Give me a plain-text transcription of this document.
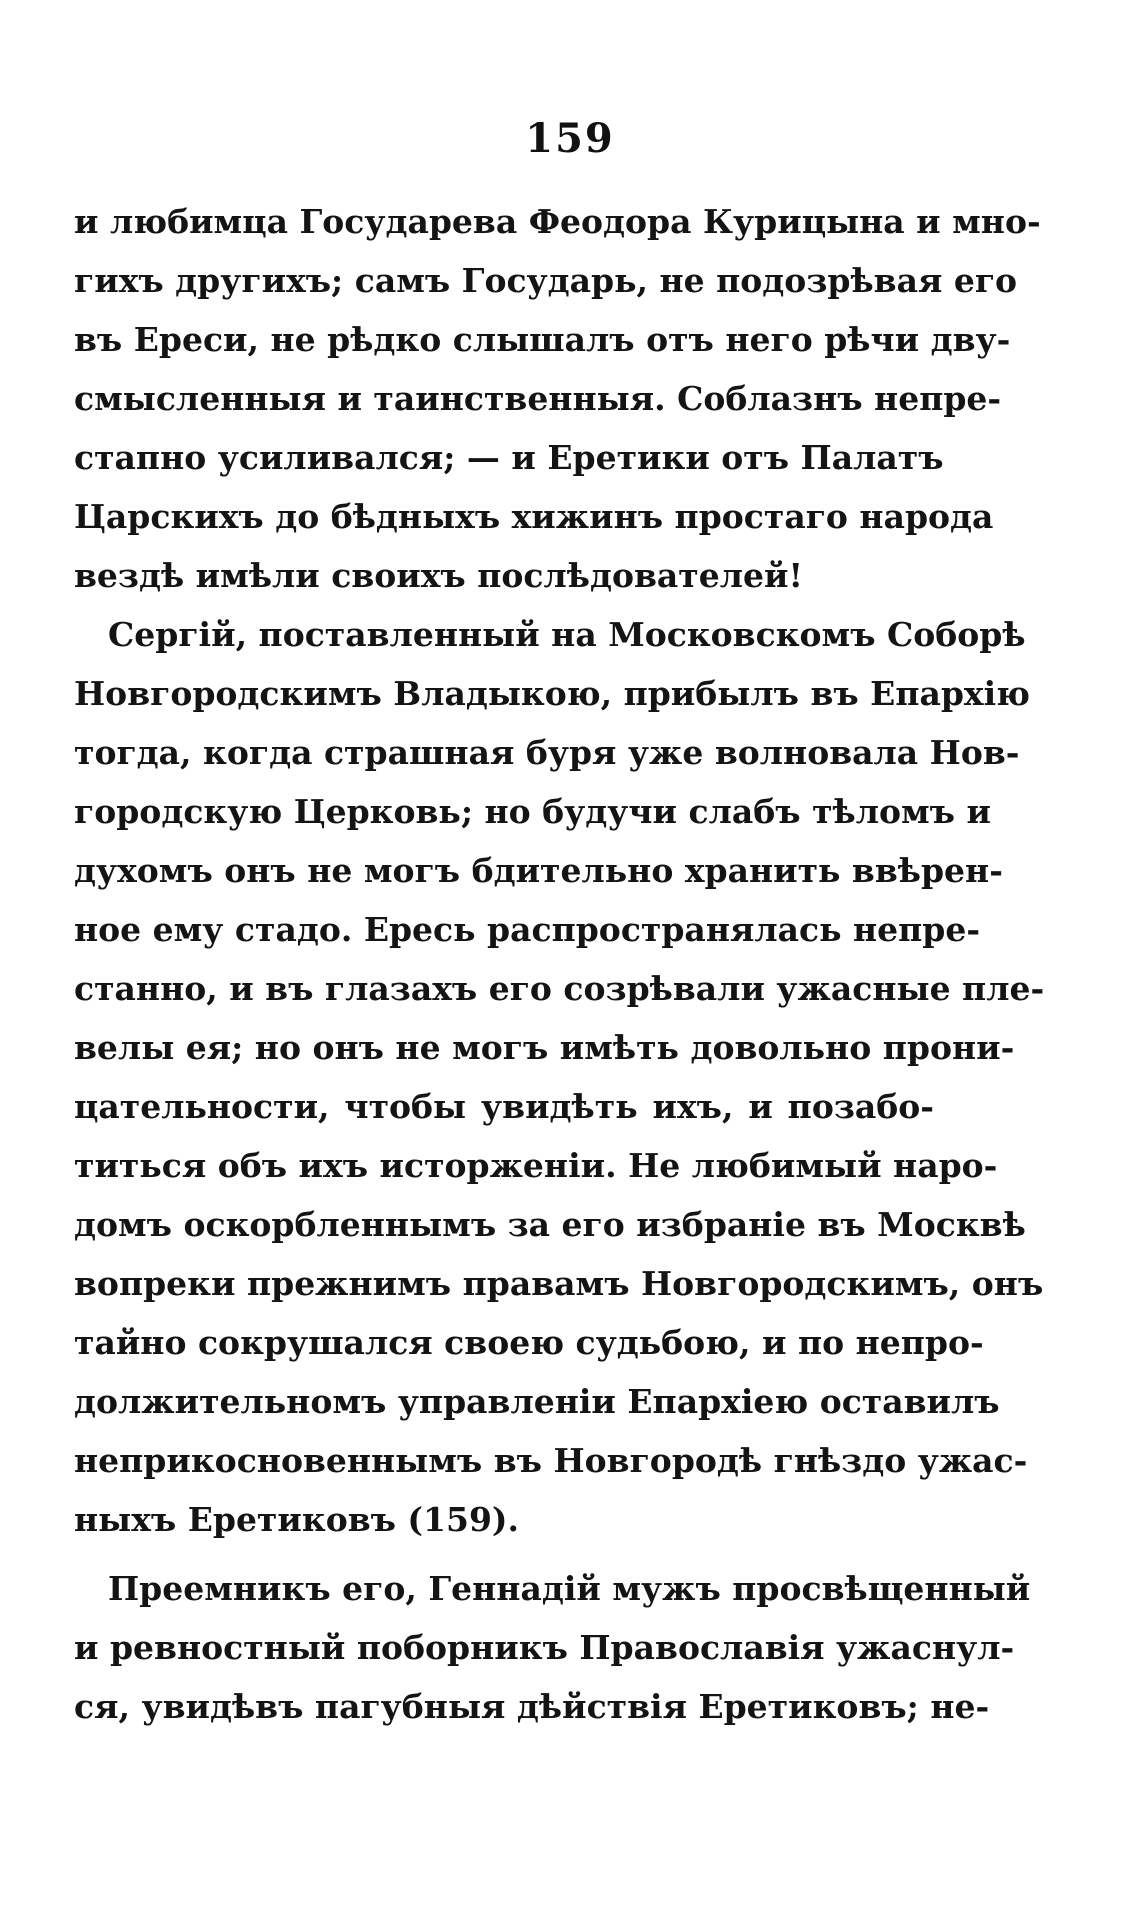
159
и любимца Государева Феодора Курицына и мно-
гихъ другихъ; самъ Государь, не подозрѣвая его
въ Ереси, не рѣдко слышалъ отъ него рѣчи дву-
смысленныя и таинственныя. Соблазнъ непре-
стапно усиливался; — и Еретики отъ Палатъ
Царскихъ до бѣдныхъ хижинъ простаго народа
вездѣ имѣли своихъ послѣдователей!
Сергій, поставленный на Московскомъ Соборѣ
Новгородскимъ Владыкою, прибылъ въ Епархію
тогда, когда страшная буря уже волновала Нов-
городскую Церковь; но будучи слабъ тѣломъ и
духомъ онъ не могъ бдительно хранить ввѣрен-
ное ему стадо. Ересь распространялась непре-
станно, и въ глазахъ его созрѣвали ужасные пле-
велы ея; но онъ не могъ имѣть довольно прони-
цательности, чтобы увидѣть ихъ, и позабо-
титься объ ихъ исторженіи. Не любимый наро-
домъ оскорбленнымъ за его избраніе въ Москвѣ
вопреки прежнимъ правамъ Новгородскимъ, онъ
тайно сокрушался своею судьбою, и по непро-
должительномъ управленіи Епархіею оставилъ
неприкосновеннымъ въ Новгородѣ гнѣздо ужас-
ныхъ Еретиковъ (159).
Преемникъ его, Геннадій мужъ просвѣщенный
и ревностный поборникъ Православія ужаснул-
ся, увидѣвъ пагубныя дѣйствія Еретиковъ; не-
